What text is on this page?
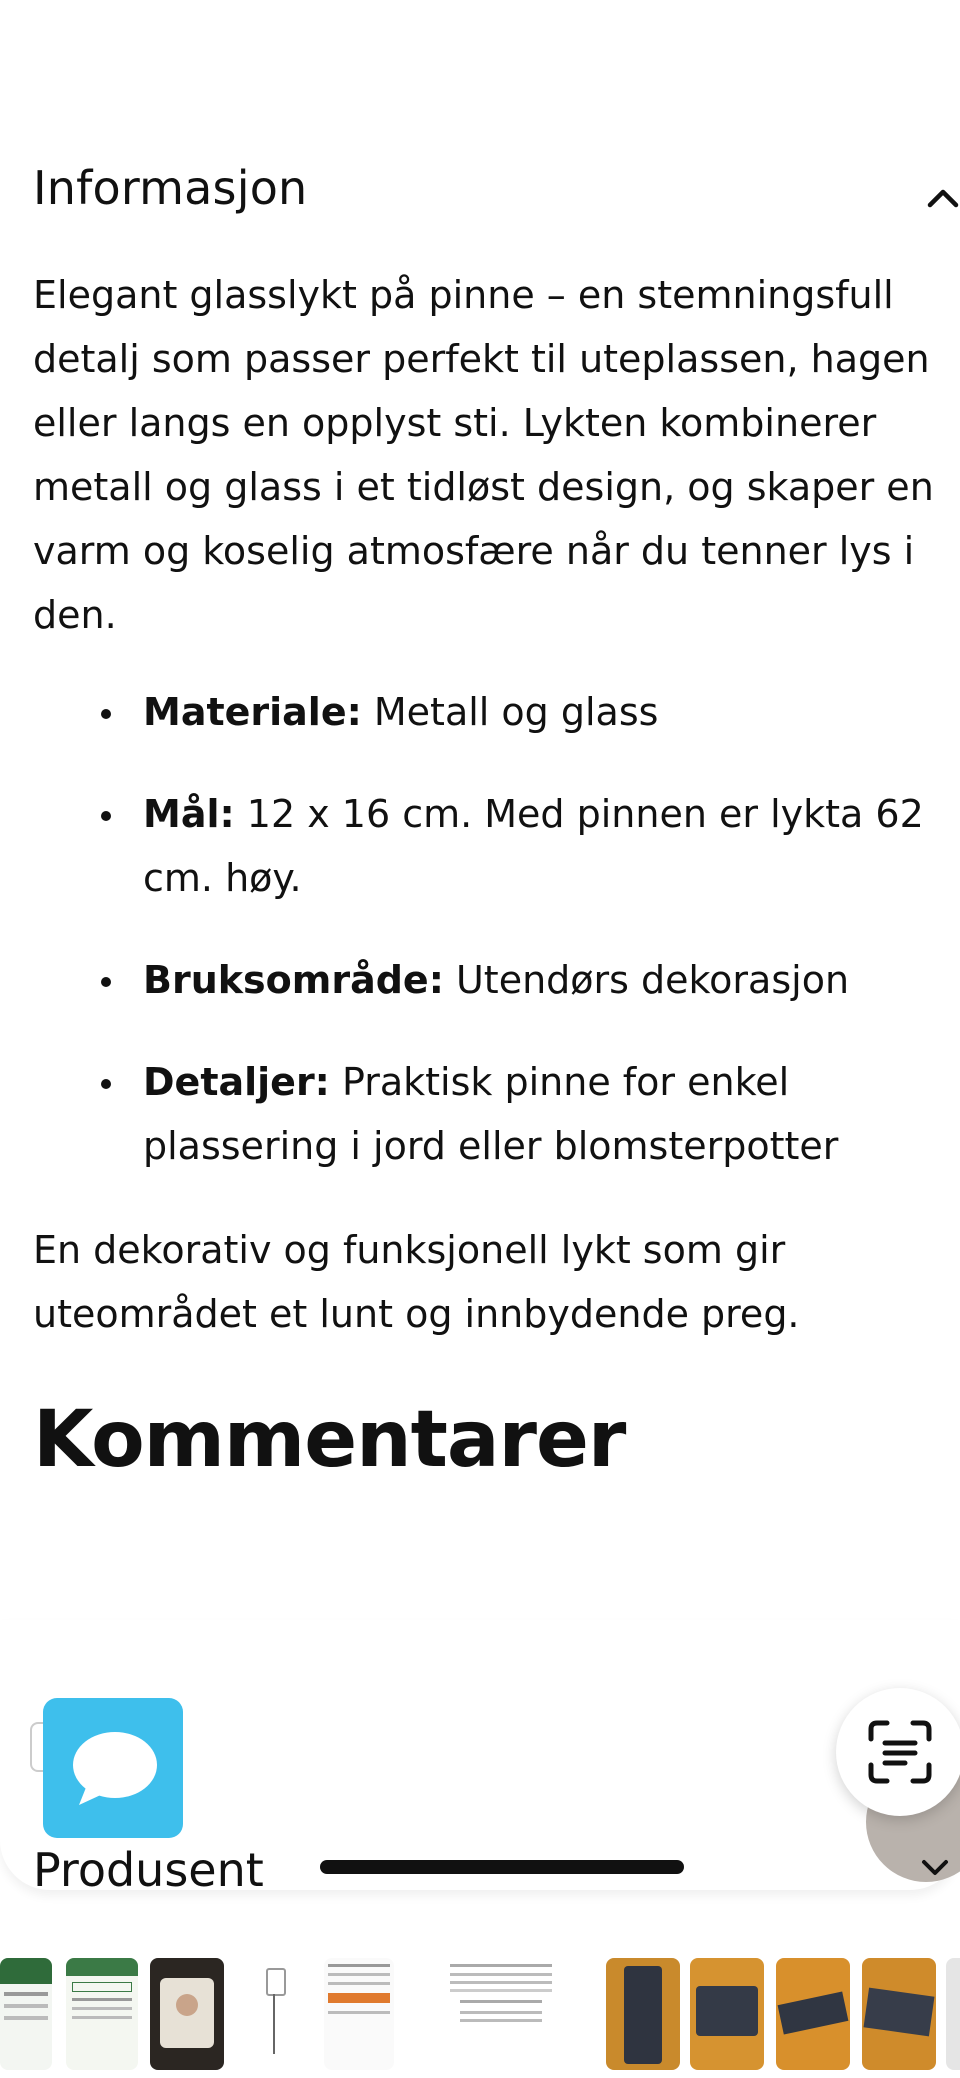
Informasjon

Elegant glasslykt på pinne – en stemningsfull detalj som passer perfekt til uteplassen, hagen eller langs en opplyst sti. Lykten kombinerer metall og glass i et tidløst design, og skaper en varm og koselig atmosfære når du tenner lys i den.

Materiale: Metall og glass
Mål: 12 x 16 cm. Med pinnen er lykta 62 cm. høy.
Bruksområde: Utendørs dekorasjon
Detaljer: Praktisk pinne for enkel plassering i jord eller blomsterpotter

En dekorativ og funksjonell lykt som gir uteområdet et lunt og innbydende preg.

Kommentarer
Produsent
